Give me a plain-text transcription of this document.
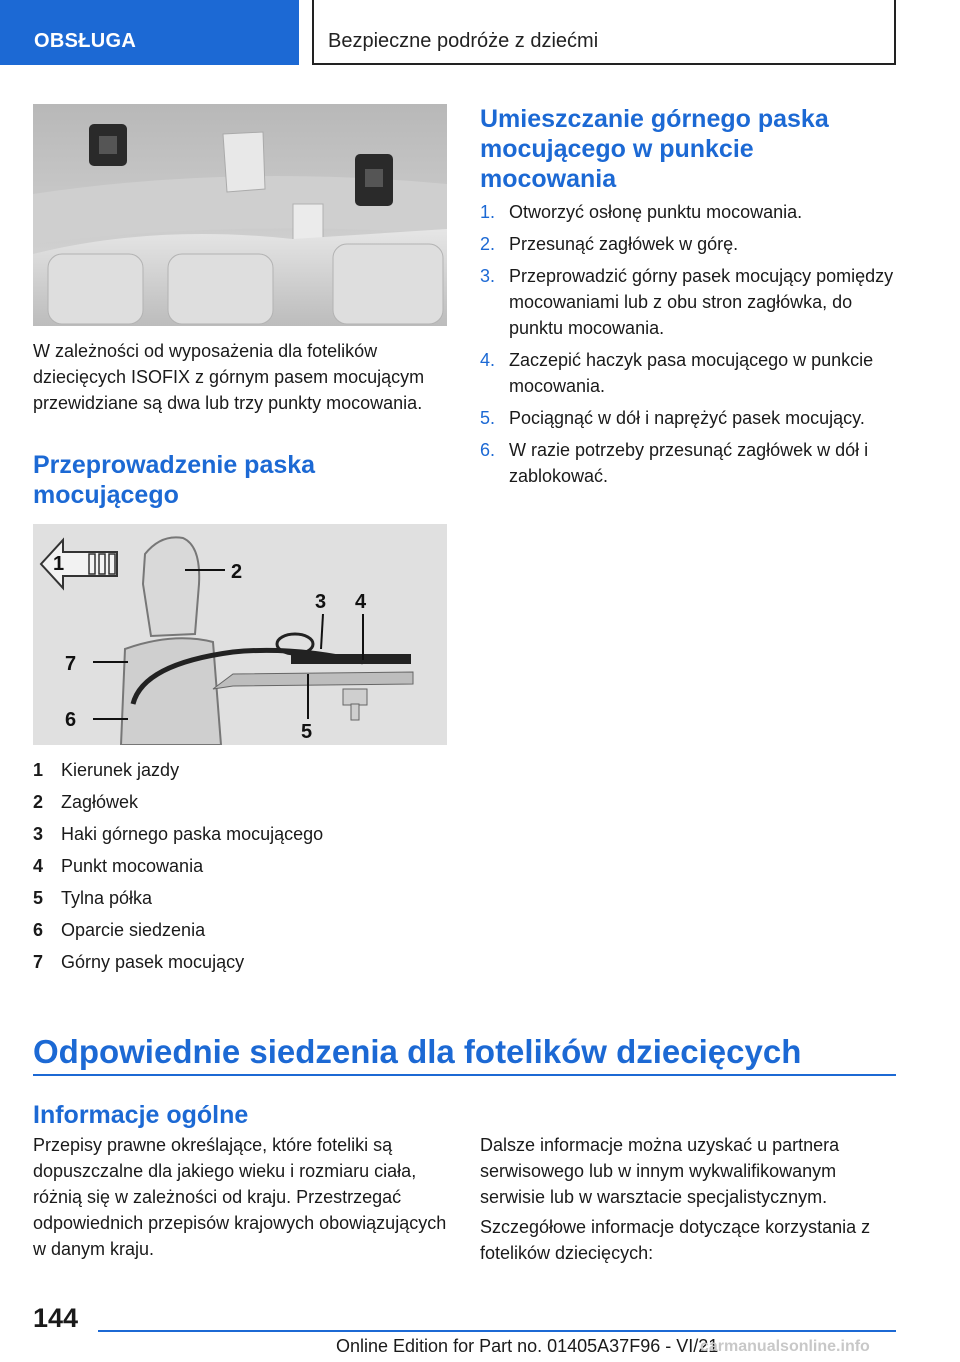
OBSŁUGA	Bezpieczne podróże z dziećmi
W zależności od wyposażenia dla fotelików dziecięcych ISOFIX z górnym pasem mocującym przewidziane są dwa lub trzy punkty mocowania.
Przeprowadzenie paska mocującego
1	2
3 4
5
6
7
1 Kierunek jazdy
2 Zagłówek
3 Haki górnego paska mocującego
4 Punkt mocowania
5 Tylna półka
6 Oparcie siedzenia
7 Górny pasek mocujący
Umieszczanie górnego paska mocującego w punkcie mocowania
1. Otworzyć osłonę punktu mocowania.
2. Przesunąć zagłówek w górę.
3. Przeprowadzić górny pasek mocujący pomiędzy mocowaniami lub z obu stron zagłówka, do punktu mocowania.
4. Zaczepić haczyk pasa mocującego w punkcie mocowania.
5. Pociągnąć w dół i naprężyć pasek mocujący.
6. W razie potrzeby przesunąć zagłówek w dół i zablokować.
Odpowiednie siedzenia dla fotelików dziecięcych
Informacje ogólne
Przepisy prawne określające, które foteliki są dopuszczalne dla jakiego wieku i rozmiaru ciała, różnią się w zależności od kraju. Przestrzegać odpowiednich przepisów krajowych obowiązujących w danym kraju.
Dalsze informacje można uzyskać u partnera serwisowego lub w innym wykwalifikowanym serwisie lub w warsztacie specjalistycznym.
Szczegółowe informacje dotyczące korzystania z fotelików dziecięcych:
144
Online Edition for Part no. 01405A37F96 - VI/21
carmanualsonline.info
